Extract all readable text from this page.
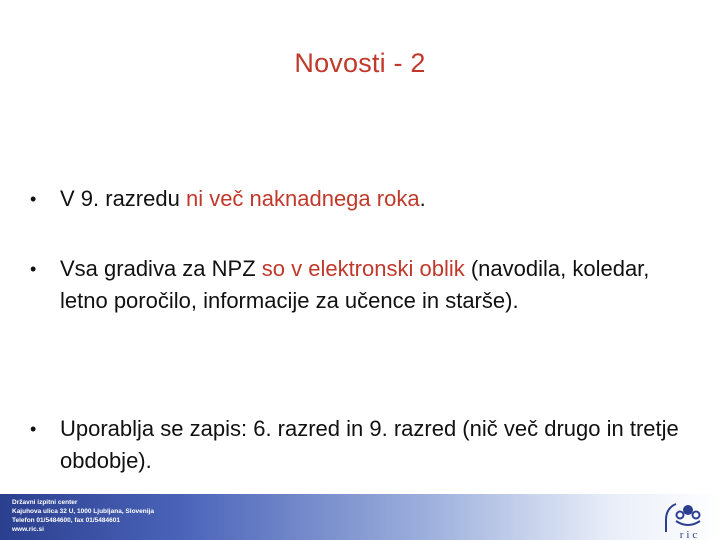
Novosti - 2
•	V 9. razredu ni več naknadnega roka.
•	Vsa gradiva za NPZ so v elektronski oblik (navodila, koledar, letno poročilo, informacije za učence in starše).
•	Uporablja se zapis: 6. razred in 9. razred (nič več drugo in tretje obdobje).
Državni izpitni center
Kajuhova ulica 32 U, 1000 Ljubljana, Slovenija
Telefon 01/5484600, fax 01/5484601
www.ric.si	ric
